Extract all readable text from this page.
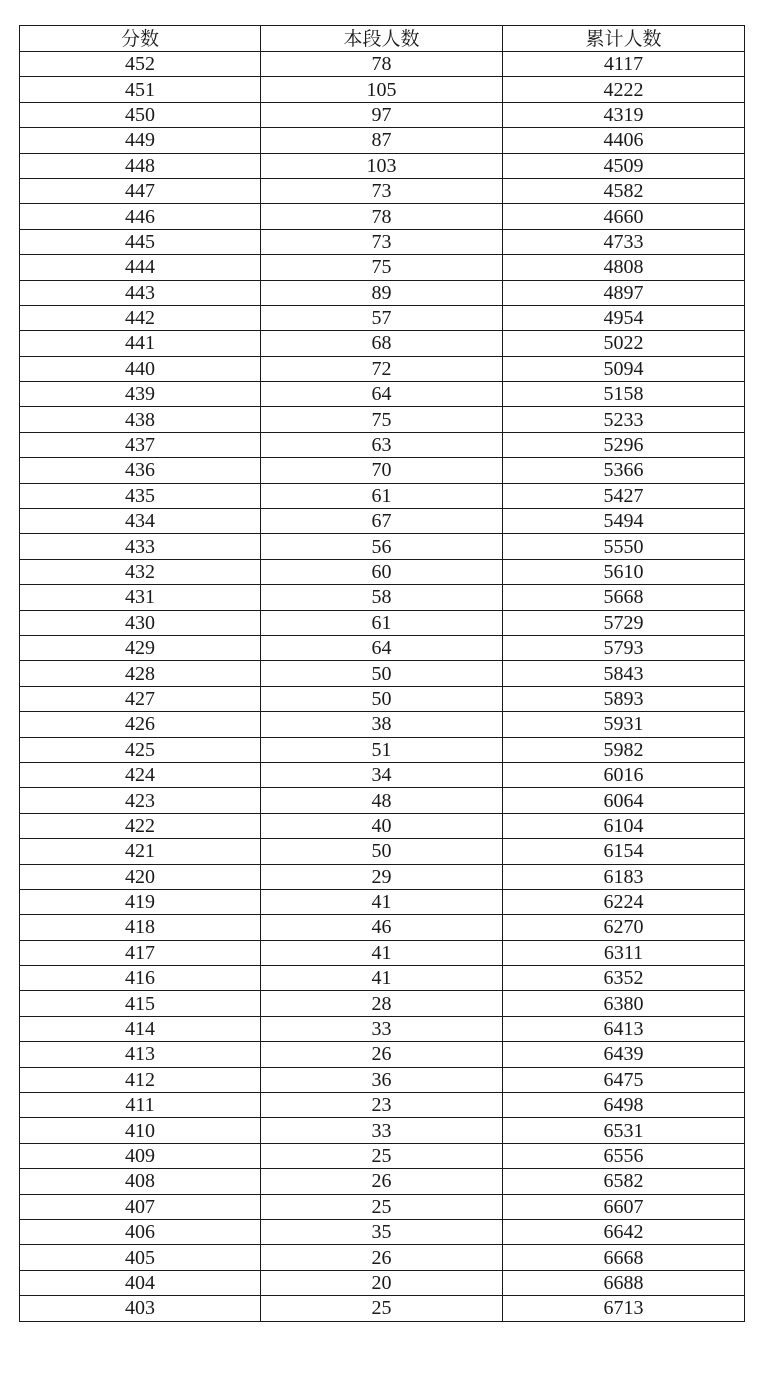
分数	本段人数	累计人数
452	78	4117
451	105	4222
450	97	4319
449	87	4406
448	103	4509
447	73	4582
446	78	4660
445	73	4733
444	75	4808
443	89	4897
442	57	4954
441	68	5022
440	72	5094
439	64	5158
438	75	5233
437	63	5296
436	70	5366
435	61	5427
434	67	5494
433	56	5550
432	60	5610
431	58	5668
430	61	5729
429	64	5793
428	50	5843
427	50	5893
426	38	5931
425	51	5982
424	34	6016
423	48	6064
422	40	6104
421	50	6154
420	29	6183
419	41	6224
418	46	6270
417	41	6311
416	41	6352
415	28	6380
414	33	6413
413	26	6439
412	36	6475
411	23	6498
410	33	6531
409	25	6556
408	26	6582
407	25	6607
406	35	6642
405	26	6668
404	20	6688
403	25	6713
